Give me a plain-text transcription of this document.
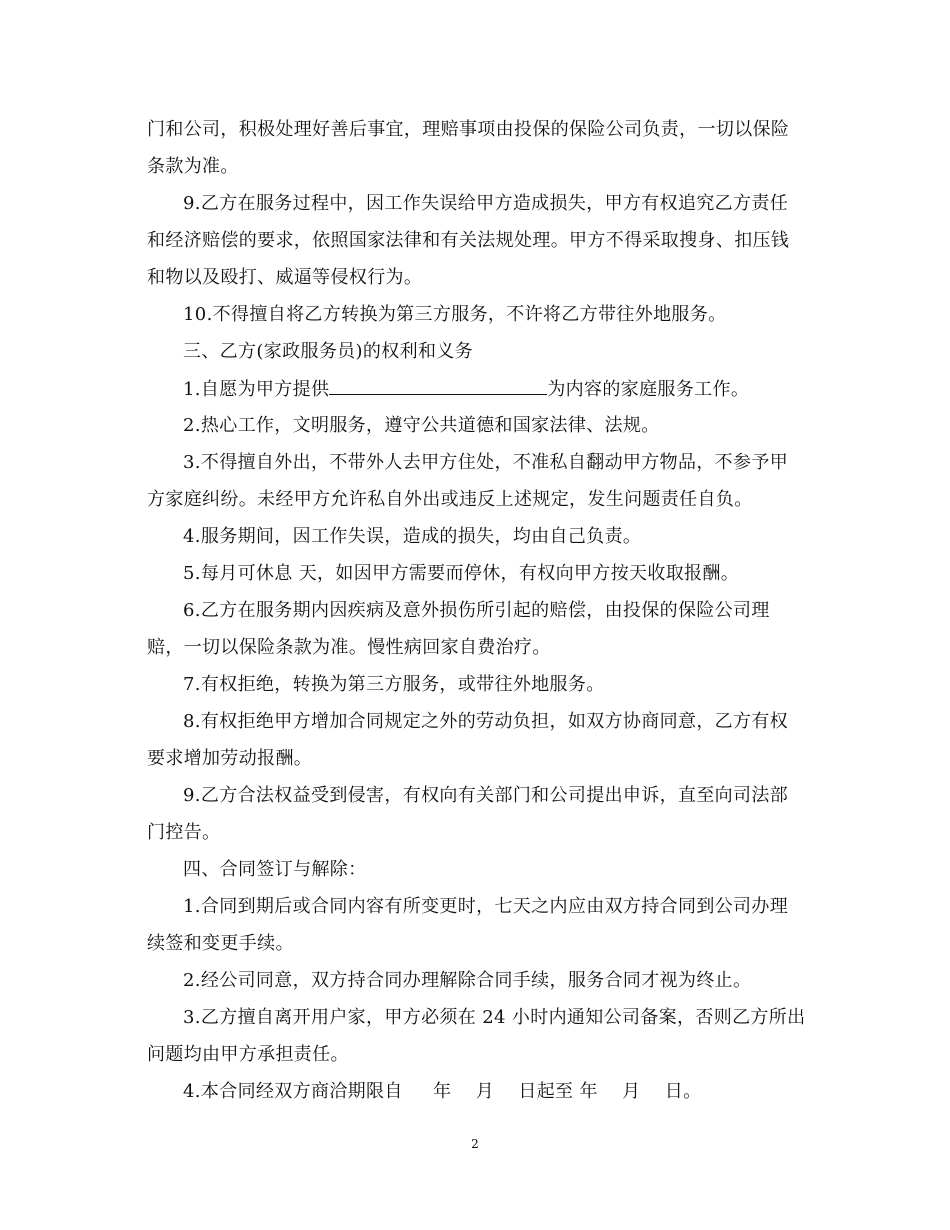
门和公司，积极处理好善后事宜，理赔事项由投保的保险公司负责，一切以保险
条款为准。
9.乙方在服务过程中，因工作失误给甲方造成损失，甲方有权追究乙方责任
和经济赔偿的要求，依照国家法律和有关法规处理。甲方不得采取搜身、扣压钱
和物以及殴打、威逼等侵权行为。
10.不得擅自将乙方转换为第三方服务，不许将乙方带往外地服务。
三、乙方(家政服务员)的权利和义务
1.自愿为甲方提供	为内容的家庭服务工作。
2.热心工作，文明服务，遵守公共道德和国家法律、法规。
3.不得擅自外出，不带外人去甲方住处，不准私自翻动甲方物品，不参予甲
方家庭纠纷。未经甲方允许私自外出或违反上述规定，发生问题责任自负。
4.服务期间，因工作失误，造成的损失，均由自己负责。
5.每月可休息 天，如因甲方需要而停休，有权向甲方按天收取报酬。
6.乙方在服务期内因疾病及意外损伤所引起的赔偿，由投保的保险公司理
赔，一切以保险条款为准。慢性病回家自费治疗。
7.有权拒绝，转换为第三方服务，或带往外地服务。
8.有权拒绝甲方增加合同规定之外的劳动负担，如双方协商同意，乙方有权
要求增加劳动报酬。
9.乙方合法权益受到侵害，有权向有关部门和公司提出申诉，直至向司法部
门控告。
四、合同签订与解除：
1.合同到期后或合同内容有所变更时，七天之内应由双方持合同到公司办理
续签和变更手续。
2.经公司同意，双方持合同办理解除合同手续，服务合同才视为终止。
3.乙方擅自离开用户家，甲方必须在 24 小时内通知公司备案，否则乙方所出
问题均由甲方承担责任。
4.本合同经双方商洽期限自     年    月    日起至 年    月    日。
2
